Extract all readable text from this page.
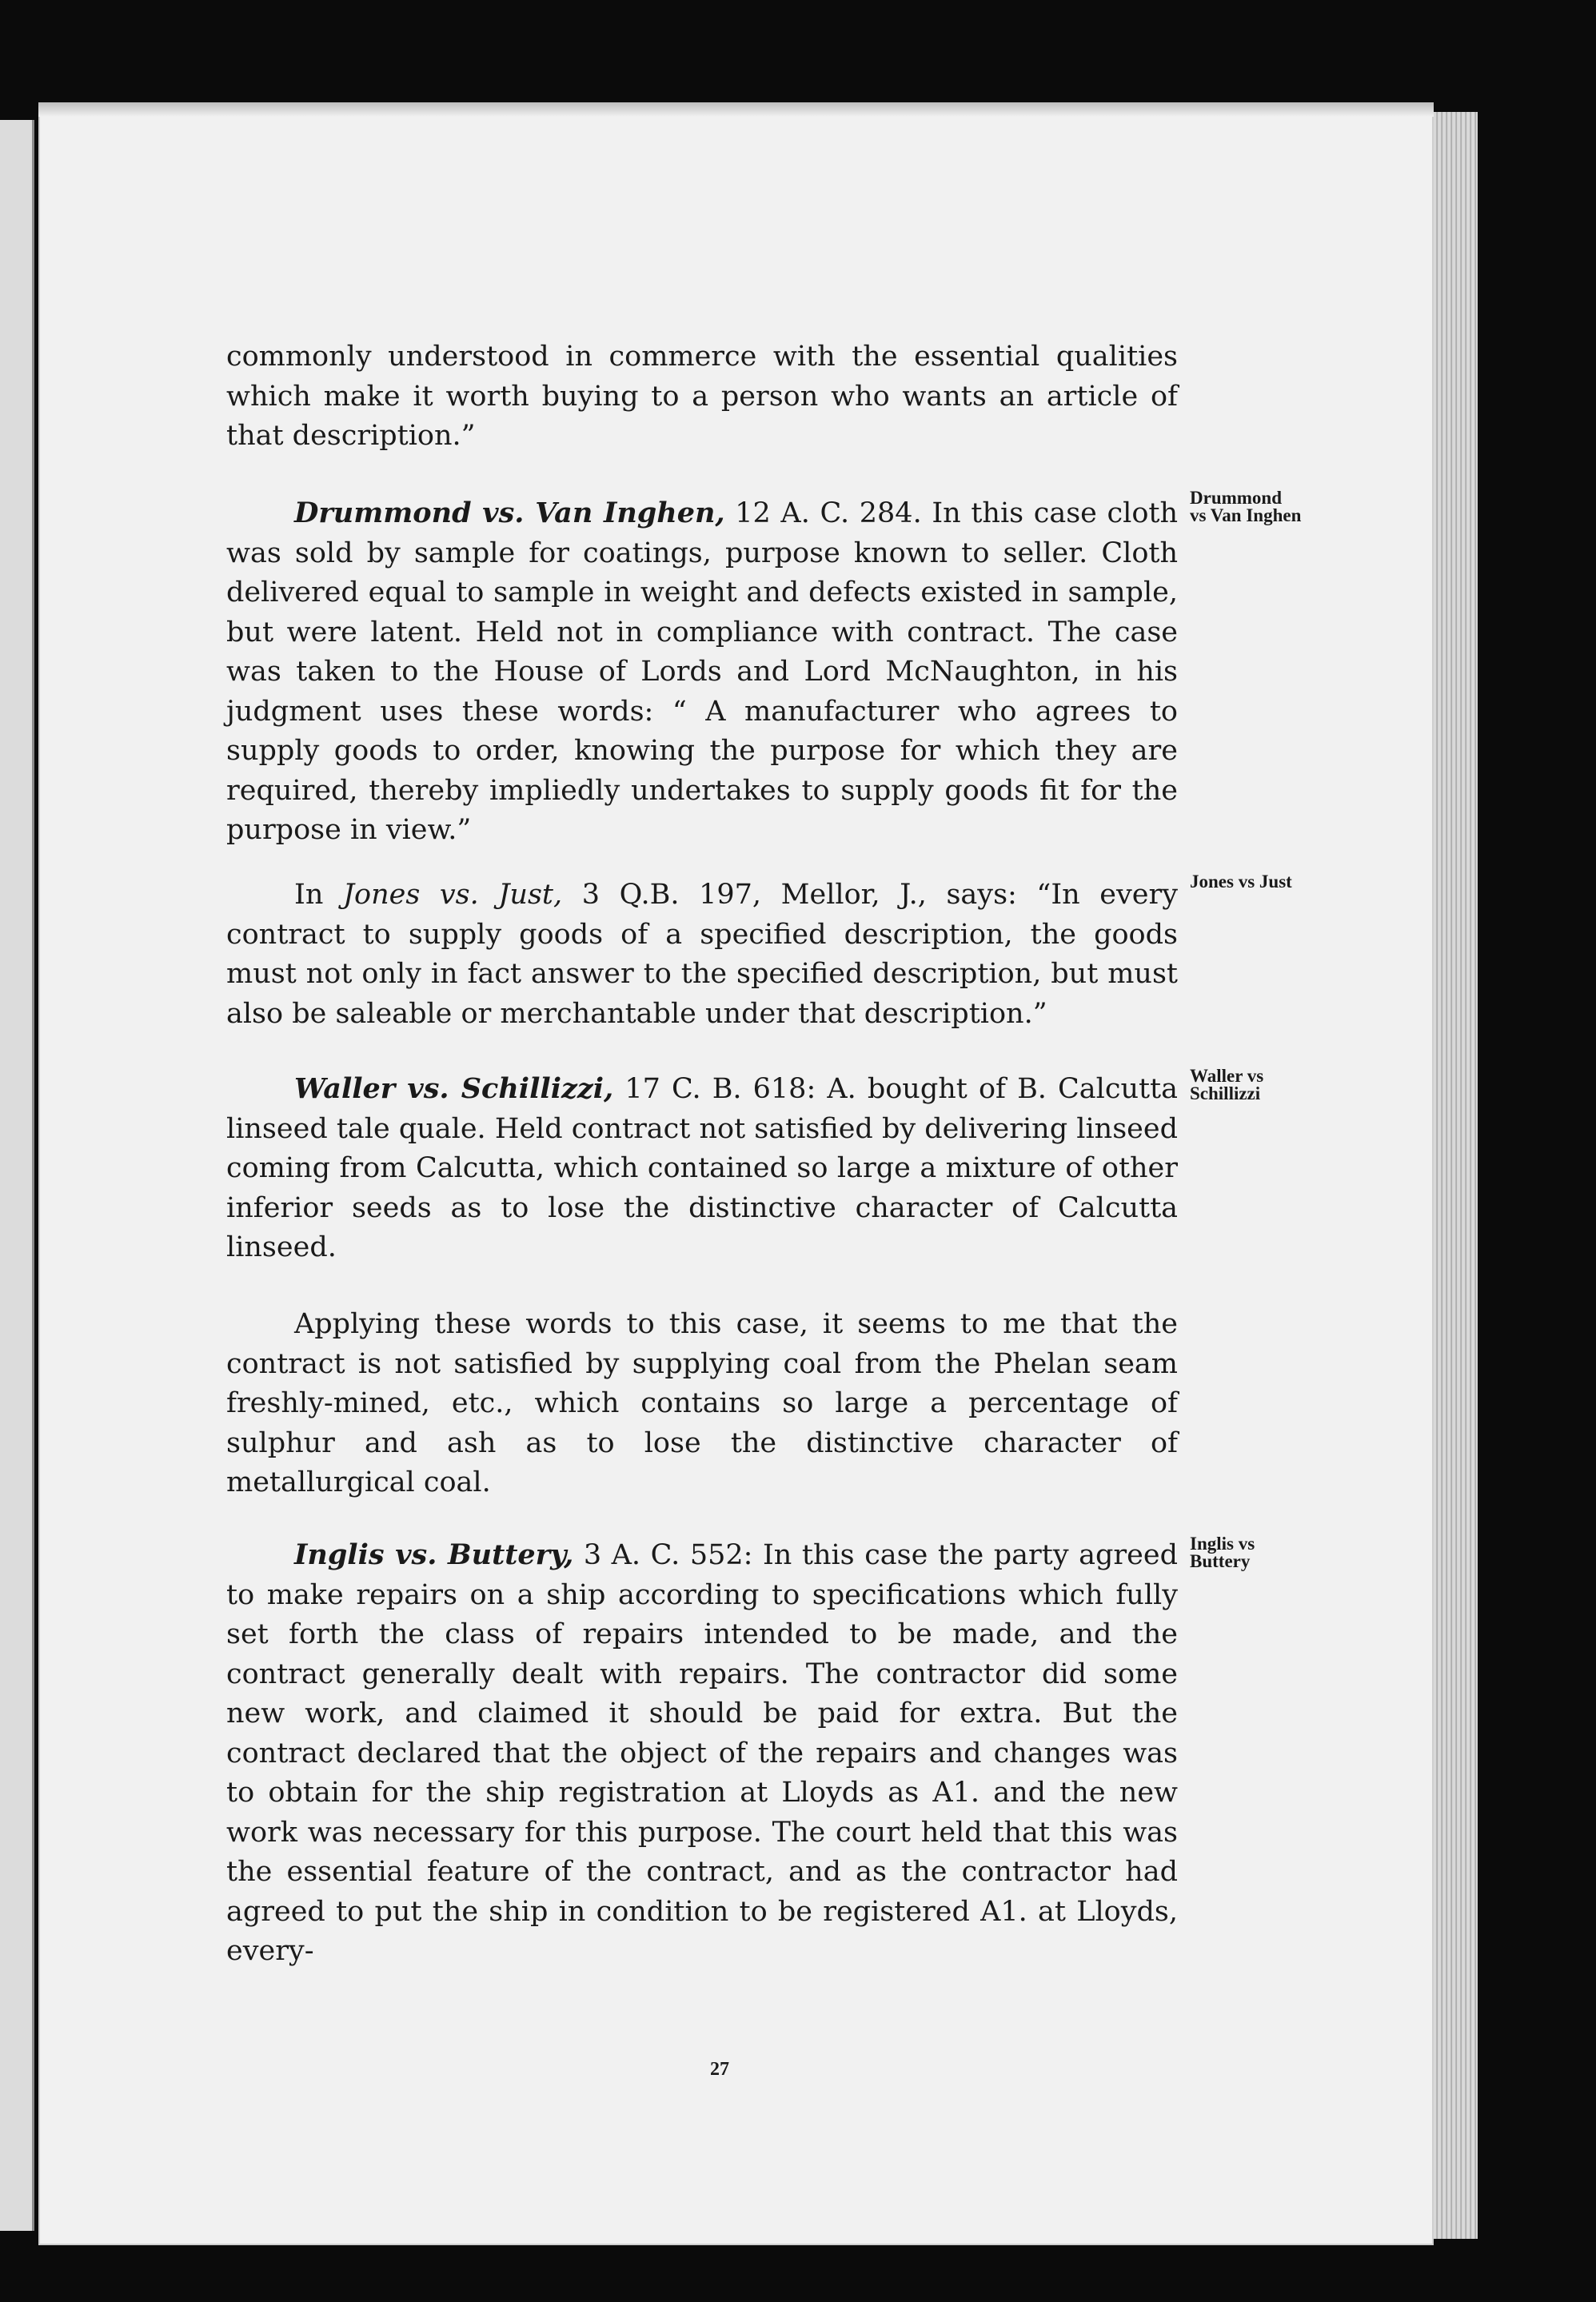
commonly understood in commerce with the essential qualities which make it worth buying to a person who wants an article of that description.”

Drummond vs. Van Inghen, 12 A. C. 284. In this case cloth was sold by sample for coatings, purpose known to seller. Cloth delivered equal to sample in weight and defects existed in sample, but were latent. Held not in compliance with contract. The case was taken to the House of Lords and Lord McNaughton, in his judgment uses these words: “ A manufacturer who agrees to supply goods to order, knowing the purpose for which they are required, thereby impliedly undertakes to supply goods fit for the purpose in view.”

In Jones vs. Just, 3 Q.B. 197, Mellor, J., says: “In every contract to supply goods of a specified description, the goods must not only in fact answer to the specified description, but must also be saleable or merchantable under that description.”

Waller vs. Schillizzi, 17 C. B. 618: A. bought of B. Calcutta linseed tale quale. Held contract not satisfied by delivering linseed coming from Calcutta, which contained so large a mixture of other inferior seeds as to lose the distinctive character of Calcutta linseed.

Applying these words to this case, it seems to me that the contract is not satisfied by supplying coal from the Phelan seam freshly-mined, etc., which contains so large a percentage of sulphur and ash as to lose the distinctive character of metallurgical coal.

Inglis vs. Buttery, 3 A. C. 552: In this case the party agreed to make repairs on a ship according to specifications which fully set forth the class of repairs intended to be made, and the contract generally dealt with repairs. The contractor did some new work, and claimed it should be paid for extra. But the contract declared that the object of the repairs and changes was to obtain for the ship registration at Lloyds as A1. and the new work was necessary for this purpose. The court held that this was the essential feature of the contract, and as the contractor had agreed to put the ship in condition to be registered A1. at Lloyds, every-

Drummond
vs Van Inghen
Jones vs Just
Waller vs
Schillizzi
Inglis vs
Buttery
27
